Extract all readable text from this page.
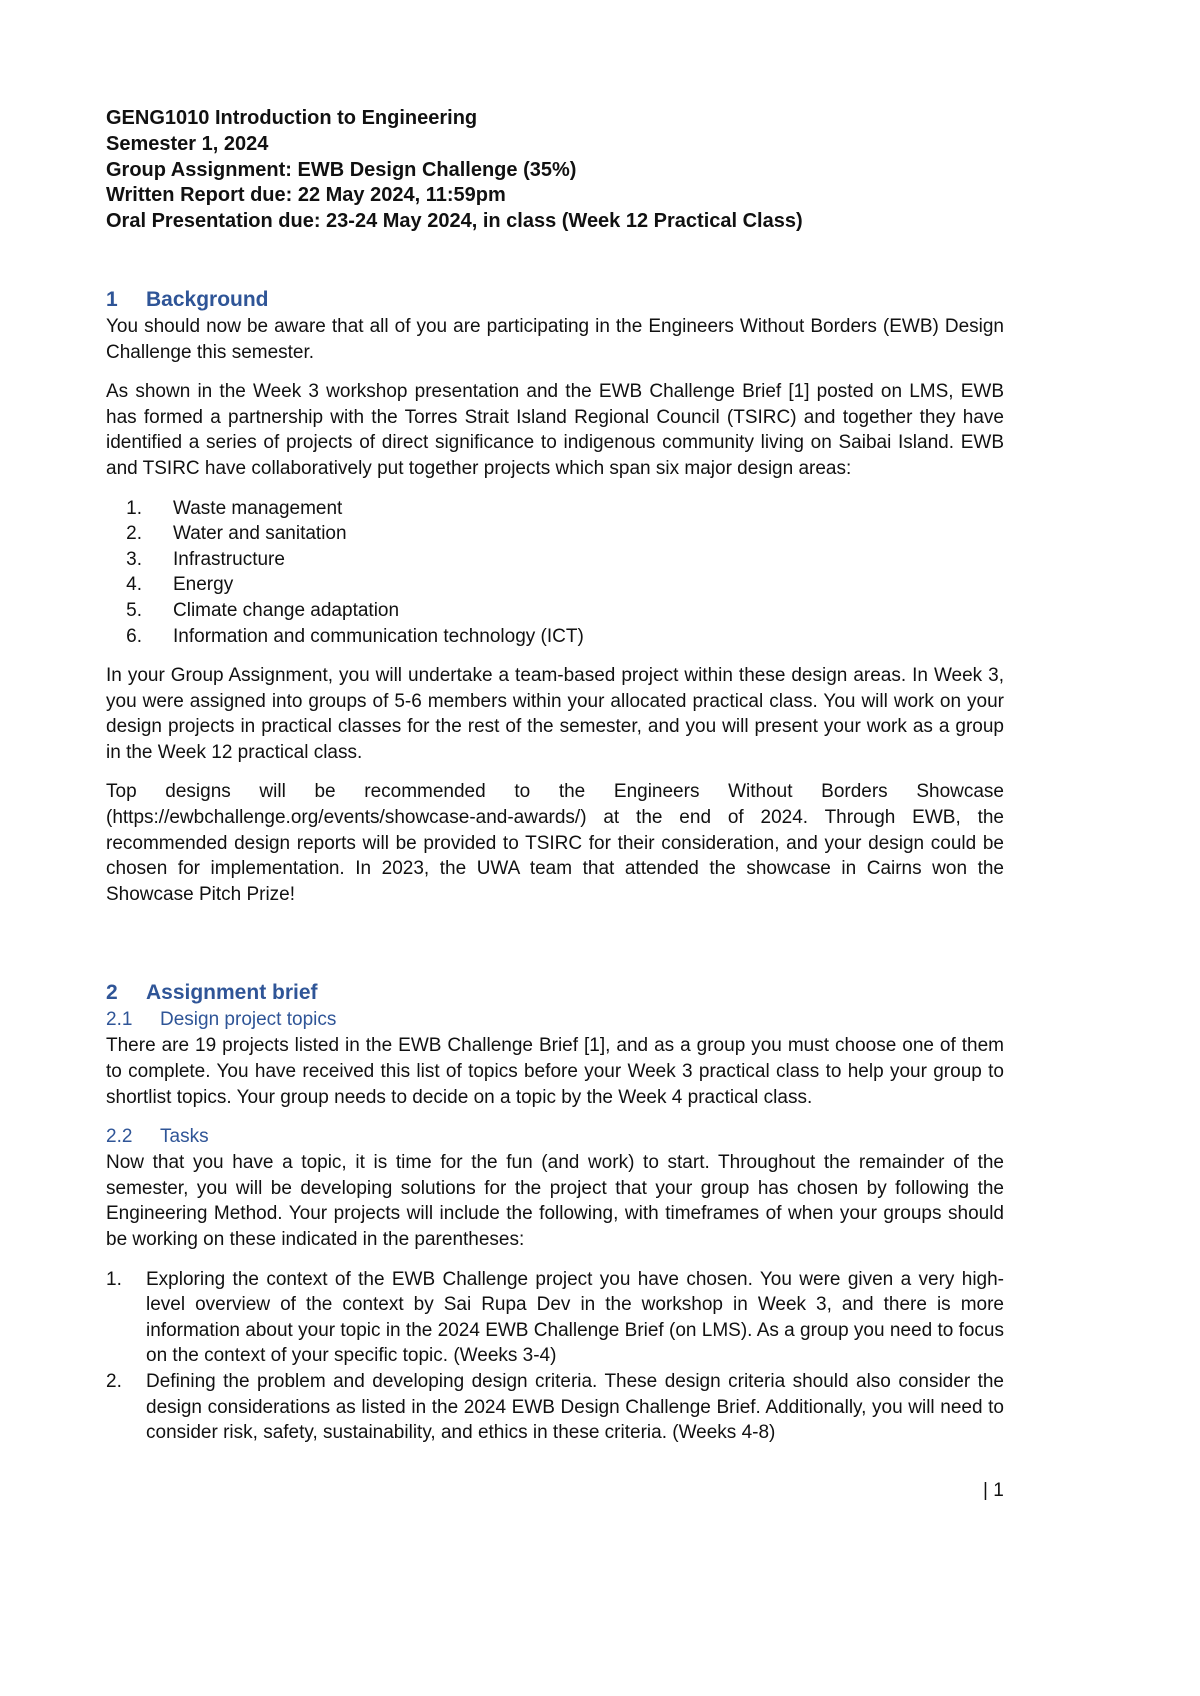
GENG1010 Introduction to Engineering
Semester 1, 2024
Group Assignment: EWB Design Challenge (35%)
Written Report due: 22 May 2024, 11:59pm
Oral Presentation due: 23-24 May 2024, in class (Week 12 Practical Class)
1	Background

You should now be aware that all of you are participating in the Engineers Without Borders (EWB) Design Challenge this semester.

As shown in the Week 3 workshop presentation and the EWB Challenge Brief [1] posted on LMS, EWB has formed a partnership with the Torres Strait Island Regional Council (TSIRC) and together they have identified a series of projects of direct significance to indigenous community living on Saibai Island. EWB and TSIRC have collaboratively put together projects which span six major design areas:

1. Waste management
2. Water and sanitation
3. Infrastructure
4. Energy
5. Climate change adaptation
6. Information and communication technology (ICT)

In your Group Assignment, you will undertake a team-based project within these design areas. In Week 3, you were assigned into groups of 5-6 members within your allocated practical class. You will work on your design projects in practical classes for the rest of the semester, and you will present your work as a group in the Week 12 practical class.

Top designs will be recommended to the Engineers Without Borders Showcase (https://ewbchallenge.org/events/showcase-and-awards/) at the end of 2024. Through EWB, the recommended design reports will be provided to TSIRC for their consideration, and your design could be chosen for implementation. In 2023, the UWA team that attended the showcase in Cairns won the Showcase Pitch Prize!

2	Assignment brief
2.1	Design project topics

There are 19 projects listed in the EWB Challenge Brief [1], and as a group you must choose one of them to complete. You have received this list of topics before your Week 3 practical class to help your group to shortlist topics. Your group needs to decide on a topic by the Week 4 practical class.

2.2	Tasks

Now that you have a topic, it is time for the fun (and work) to start. Throughout the remainder of the semester, you will be developing solutions for the project that your group has chosen by following the Engineering Method. Your projects will include the following, with timeframes of when your groups should be working on these indicated in the parentheses:

1.	Exploring the context of the EWB Challenge project you have chosen. You were given a very high-level overview of the context by Sai Rupa Dev in the workshop in Week 3, and there is more information about your topic in the 2024 EWB Challenge Brief (on LMS). As a group you need to focus on the context of your specific topic. (Weeks 3-4)
2.	Defining the problem and developing design criteria. These design criteria should also consider the design considerations as listed in the 2024 EWB Design Challenge Brief. Additionally, you will need to consider risk, safety, sustainability, and ethics in these criteria. (Weeks 4-8)
| 1
